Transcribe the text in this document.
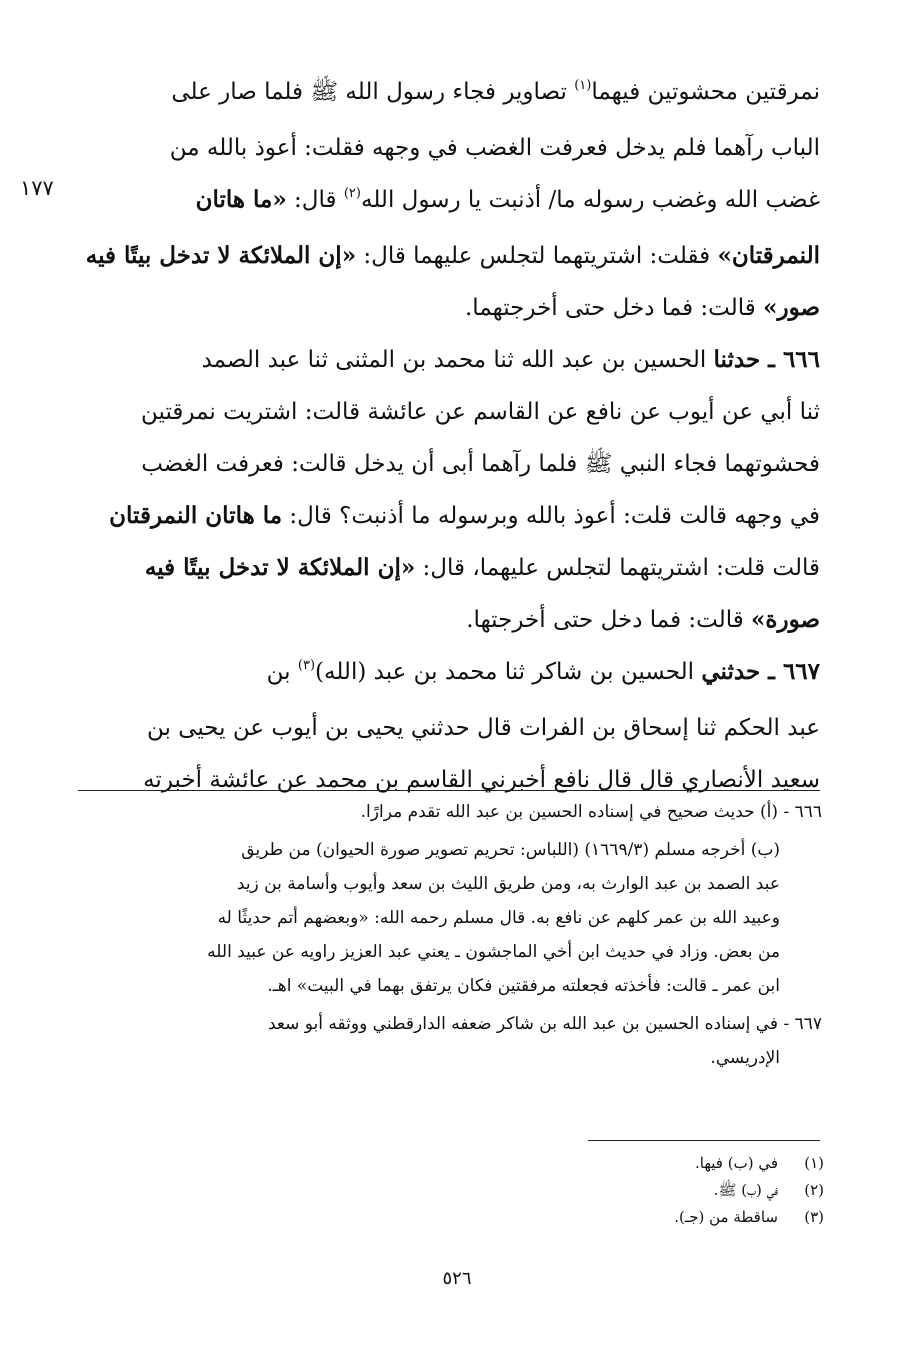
١٧٧
نمرقتين محشوتين فيهما$^{(١)}$ تصاوير فجاء رسول الله ﷺ فلما صار على
الباب رآهما فلم يدخل فعرفت الغضب في وجهه فقلت: أعوذ بالله من
غضب الله وغضب رسوله ما/ أذنبت يا رسول الله$^{(٢)}$ قال: «ما هاتان
النمرقتان» فقلت: اشتريتهما لتجلس عليهما قال: «إن الملائكة لا تدخل بيتًا فيه
صور» قالت: فما دخل حتى أخرجتهما.
٦٦٦ ـ حدثنا الحسين بن عبد الله ثنا محمد بن المثنى ثنا عبد الصمد
ثنا أبي عن أيوب عن نافع عن القاسم عن عائشة قالت: اشتريت نمرقتين
فحشوتهما فجاء النبي ﷺ فلما رآهما أبى أن يدخل قالت: فعرفت الغضب
في وجهه قالت قلت: أعوذ بالله وبرسوله ما أذنبت؟ قال: ما هاتان النمرقتان
قالت قلت: اشتريتهما لتجلس عليهما، قال: «إن الملائكة لا تدخل بيتًا فيه
صورة» قالت: فما دخل حتى أخرجتها.
٦٦٧ ـ حدثني الحسين بن شاكر ثنا محمد بن عبد (الله)$^{(٣)}$ بن
عبد الحكم ثنا إسحاق بن الفرات قال حدثني يحيى بن أيوب عن يحيى بن
سعيد الأنصاري قال قال نافع أخبرني القاسم بن محمد عن عائشة أخبرته
٦٦٦ - (أ) حديث صحيح في إسناده الحسين بن عبد الله تقدم مرارًا.
(ب) أخرجه مسلم (١٦٦٩/٣) (اللباس: تحريم تصوير صورة الحيوان) من طريق
عبد الصمد بن عبد الوارث به، ومن طريق الليث بن سعد وأيوب وأسامة بن زيد
وعبيد الله بن عمر كلهم عن نافع به. قال مسلم رحمه الله: «وبعضهم أتم حديثًا له
من بعض. وزاد في حديث ابن أخي الماجشون ـ يعني عبد العزيز راويه عن عبيد الله
ابن عمر ـ قالت: فأخذته فجعلته مرفقتين فكان يرتفق بهما في البيت» اهـ.
٦٦٧ - في إسناده الحسين بن عبد الله بن شاكر ضعفه الدارقطني ووثقه أبو سعد
الإدريسي.
(١)
في (ب) فيها.
(٢)
في (ب) ﷺ.
(٣)
ساقطة من (جـ).
٥٢٦
